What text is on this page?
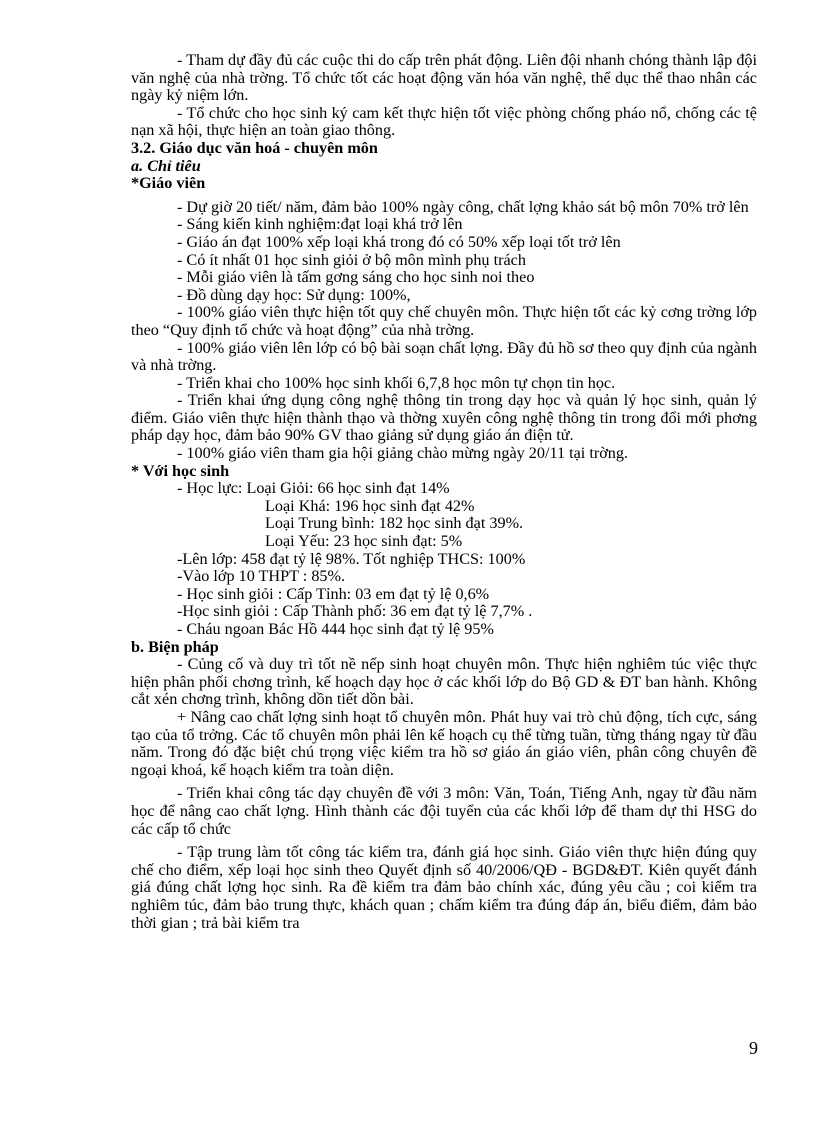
- Tham dự đầy đủ các cuộc thi do cấp trên phát động. Liên đội nhanh chóng thành lập đội văn nghệ của nhà trờng. Tổ chức tốt các hoạt động văn hóa văn nghệ, thể dục thể thao nhân các ngày kỷ niệm lớn.

- Tổ chức cho học sinh ký cam kết thực hiện tốt việc phòng chống pháo nổ, chống các tệ nạn xã hội, thực hiện an toàn giao thông.

3.2. Giáo dục văn hoá - chuyên môn

a. Chỉ tiêu

*Giáo viên

- Dự giờ 20 tiết/ năm, đảm bảo 100% ngày công, chất lợng khảo sát bộ môn 70% trở lên

- Sáng kiến kinh nghiệm:đạt loại khá trở lên

- Giáo án đạt 100% xếp loại khá trong đó có 50% xếp loại tốt trở lên

- Có ít nhất 01 học sinh giỏi ở bộ môn mình phụ trách

- Mỗi giáo viên là tấm gơng sáng cho học sinh noi theo

- Đồ dùng dạy học: Sử dụng: 100%,

- 100% giáo viên thực hiện tốt quy chế chuyên môn. Thực hiện tốt các kỷ cơng trờng lớp theo “Quy định tổ chức và hoạt động” của nhà trờng.

- 100% giáo viên lên lớp có bộ bài soạn chất lợng. Đầy đủ hồ sơ theo quy định của ngành và nhà trờng.

- Triển khai cho 100% học sinh khối 6,7,8 học môn tự chọn tin học.

- Triển khai ứng dụng công nghệ thông tin trong dạy học và quản lý học sinh, quản lý điểm. Giáo viên thực hiện thành thạo và thờng xuyên công nghệ thông tin trong đổi mới phơng pháp dạy học, đảm bảo 90% GV thao giảng sử dụng giáo án điện tử.

- 100% giáo viên tham gia hội giảng chào mừng ngày 20/11 tại trờng.

* Với học sinh

- Học lực: Loại Giỏi: 66 học sinh đạt 14%

Loại Khá: 196 học sinh đạt 42%

Loại Trung bình: 182 học sinh đạt 39%.

Loại Yếu: 23 học sinh đạt: 5%

-Lên lớp: 458 đạt tỷ lệ 98%. Tốt nghiệp THCS: 100%

-Vào lớp 10 THPT : 85%.

- Học sinh giỏi : Cấp Tỉnh: 03 em đạt tỷ lệ 0,6%

-Học sinh giỏi : Cấp Thành phố: 36 em đạt tỷ lệ 7,7% .

- Cháu ngoan Bác Hồ 444 học sinh đạt tỷ lệ 95%

b. Biện pháp

- Củng cố và duy trì tốt nề nếp sinh hoạt chuyên môn. Thực hiện nghiêm túc việc thực hiện phân phối chơng trình, kế hoạch dạy học ở các khối lớp do Bộ GD & ĐT ban hành. Không cắt xén chơng trình, không dồn tiết dồn bài.

+ Nâng cao chất lợng sinh hoạt tổ chuyên môn. Phát huy vai trò chủ động, tích cực, sáng tạo của tổ trởng. Các tổ chuyên môn phải lên kế hoạch cụ thể từng tuần, từng tháng ngay từ đầu năm. Trong đó đặc biệt chú trọng việc kiểm tra hồ sơ giáo án giáo viên, phân công chuyên đề ngoại khoá, kế hoạch kiểm tra toàn diện.

- Triển khai công tác dạy chuyên đề với 3 môn: Văn, Toán, Tiếng Anh, ngay từ đầu năm học để nâng cao chất lợng. Hình thành các đội tuyển của các khối lớp để tham dự thi HSG do các cấp tổ chức

- Tập trung làm tốt công tác kiểm tra, đánh giá học sinh. Giáo viên thực hiện đúng quy chế cho điểm, xếp loại học sinh theo Quyết định số 40/2006/QĐ - BGD&ĐT. Kiên quyết đánh giá đúng chất lợng học sinh. Ra đề kiểm tra đảm bảo chính xác, đúng yêu cầu ; coi kiểm tra nghiêm túc, đảm bảo trung thực, khách quan ; chấm kiểm tra đúng đáp án, biểu điểm, đảm bảo thời gian ; trả bài kiểm tra

9
